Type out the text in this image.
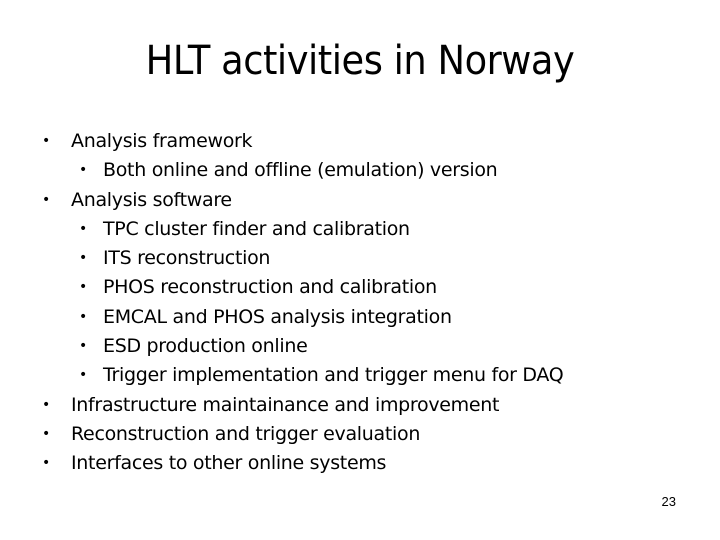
HLT activities in Norway
• Analysis framework
• Both online and offline (emulation) version
• Analysis software
• TPC cluster finder and calibration
• ITS reconstruction
• PHOS reconstruction and calibration
• EMCAL and PHOS analysis integration
• ESD production online
• Trigger implementation and trigger menu for DAQ
• Infrastructure maintainance and improvement
• Reconstruction and trigger evaluation
• Interfaces to other online systems
23
